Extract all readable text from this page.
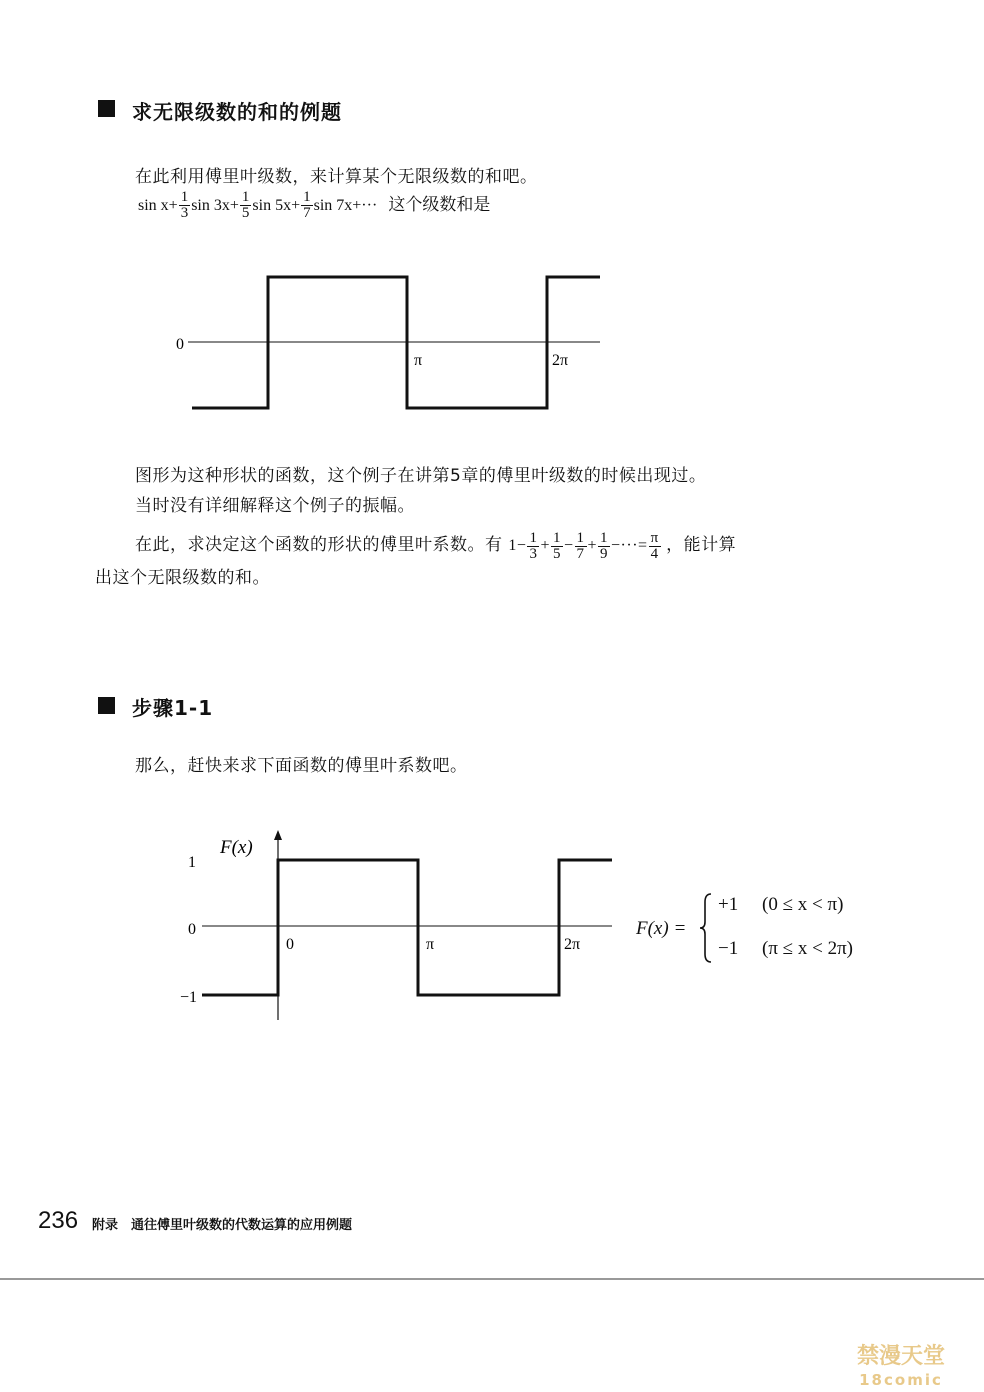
求无限级数的和的例题
在此利用傅里叶级数，来计算某个无限级数的和吧。
$\sin x+ \frac{1}{3}$ $\sin 3x+ \frac{1}{5}$ $\sin 5x+ \frac{1}{7}$ sin 7x+··· 这个级数和是
0
π	2π
图形为这种形状的函数，这个例子在讲第5章的傅里叶级数的时候出现过。
当时没有详细解释这个例子的振幅。
在此，求决定这个函数的形状的傅里叶系数。有 $1- \frac{1}{3} + \frac{1}{5} - \frac{1}{7} + \frac{1}{9}$ −···= $\frac{\pi}{4}$ ，能计算
出这个无限级数的和。
步骤1-1
那么，赶快来求下面函数的傅里叶系数吧。
F(x)
1
0
−1
0	π	2π
F(x) =
+1 (0 ≤ x < π)
−1 (π ≤ x < 2π)
236 附录　通往傅里叶级数的代数运算的应用例题
禁漫天堂
18comic
